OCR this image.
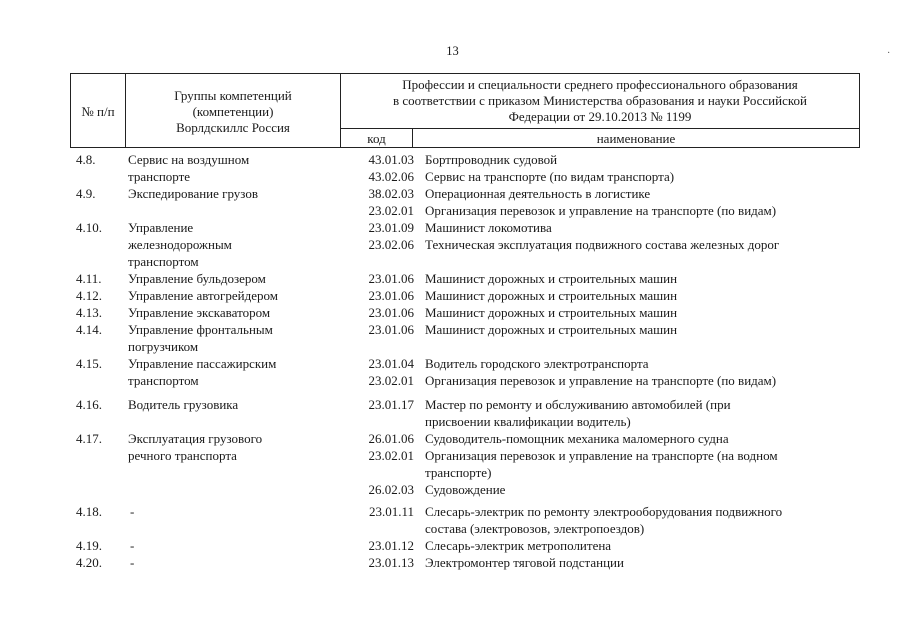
13	·
№ п/п
Группы компетенций
(компетенции)
Ворлдскиллс Россия
Профессии и специальности среднего профессионального образования
в соответствии с приказом Министерства образования и науки Российской
Федерации от 29.10.2013 № 1199
код	наименование
4.8.	Сервис на воздушном
транспорте
43.01.03 Бортпроводник судовой
43.02.06 Сервис на транспорте (по видам транспорта)
4.9.	Экспедирование грузов	38.02.03 Операционная деятельность в логистике
23.02.01 Организация перевозок и управление на транспорте (по видам)
4.10.	Управление
железнодорожным
транспортом
23.01.09 Машинист локомотива
23.02.06 Техническая эксплуатация подвижного состава железных дорог
4.11.	Управление бульдозером	23.01.06 Машинист дорожных и строительных машин
4.12.	Управление автогрейдером	23.01.06 Машинист дорожных и строительных машин
4.13.	Управление экскаватором	23.01.06 Машинист дорожных и строительных машин
4.14.	Управление фронтальным
погрузчиком
23.01.06 Машинист дорожных и строительных машин
4.15.	Управление пассажирским
транспортом
23.01.04 Водитель городского электротранспорта
23.02.01 Организация перевозок и управление на транспорте (по видам)
4.16.	Водитель грузовика	23.01.17 Мастер по ремонту и обслуживанию автомобилей (при
присвоении квалификации водитель)
4.17.	Эксплуатация грузового
речного транспорта
26.01.06 Судоводитель-помощник механика маломерного судна
23.02.01 Организация перевозок и управление на транспорте (на водном
транспорте)
26.02.03 Судовождение
4.18.	-	23.01.11 Слесарь-электрик по ремонту электрооборудования подвижного
состава (электровозов, электропоездов)
4.19.	-	23.01.12 Слесарь-электрик метрополитена
4.20.	-	23.01.13 Электромонтер тяговой подстанции
